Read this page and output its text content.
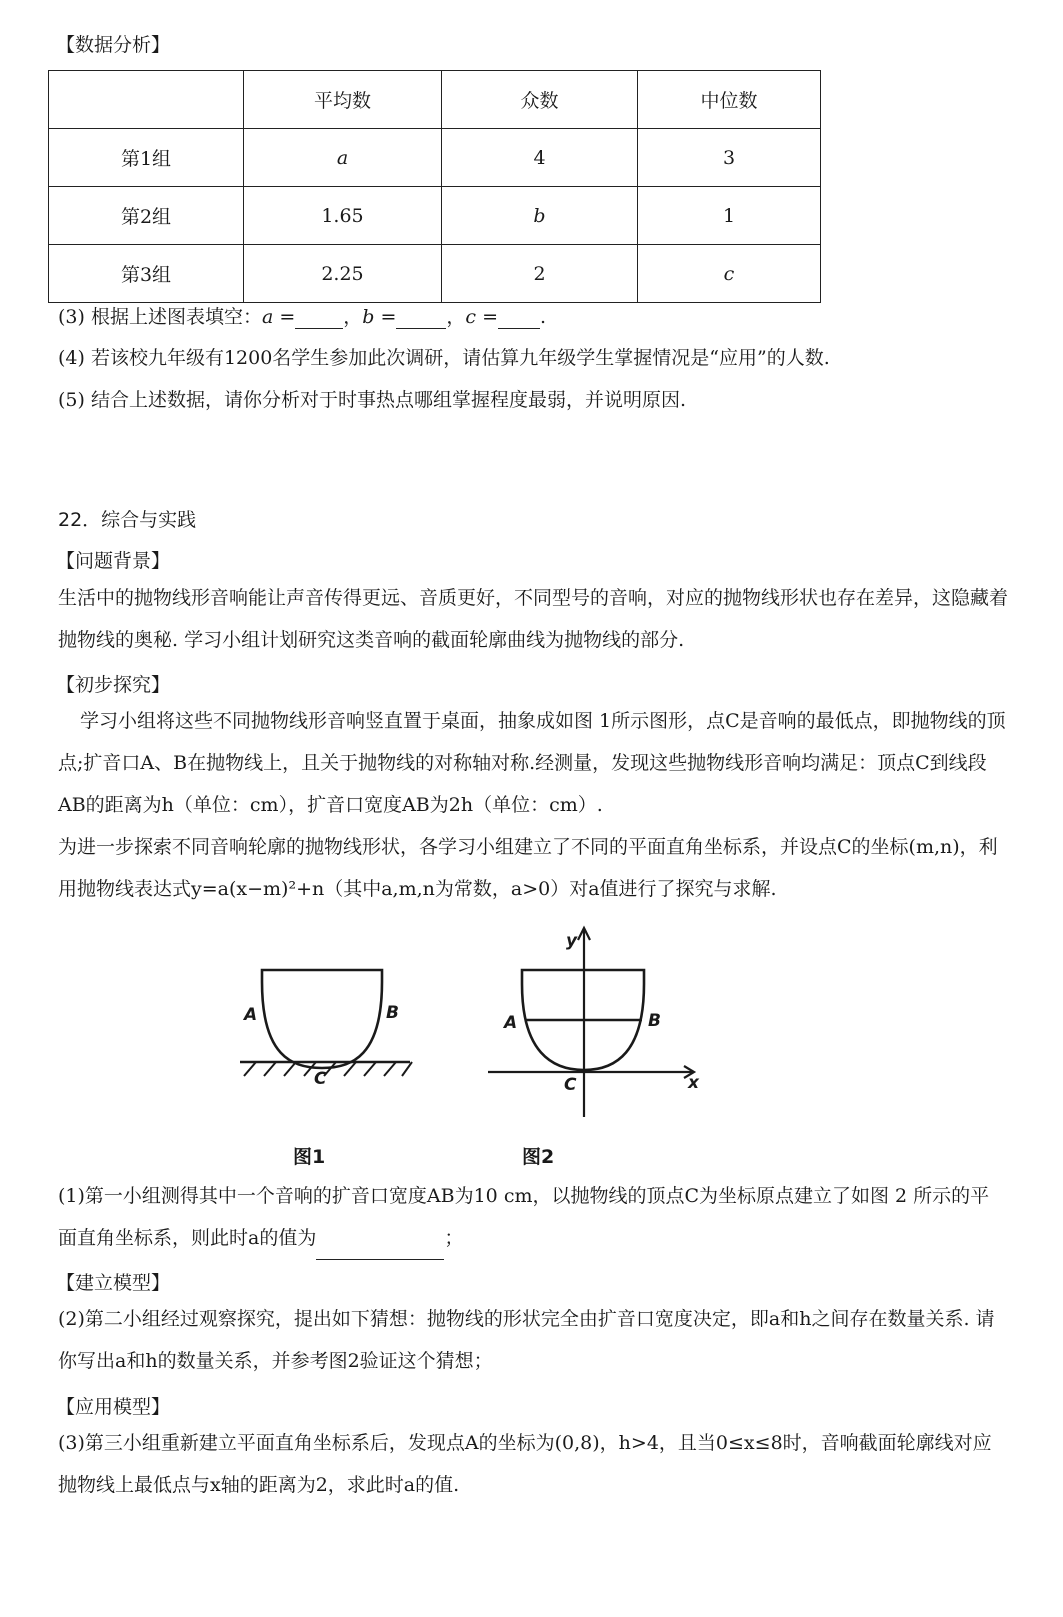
【数据分析】
	平均数	众数	中位数
第1组	a	4	3
第2组	1.65	b	1
第3组	2.25	2	c
(3) 根据上述图表填空：a =	，b =	，c = .
(4) 若该校九年级有1200名学生参加此次调研，请估算九年级学生掌握情况是“应用”的人数.
(5) 结合上述数据，请你分析对于时事热点哪组掌握程度最弱，并说明原因.
22．综合与实践
【问题背景】
生活中的抛物线形音响能让声音传得更远、音质更好，不同型号的音响，对应的抛物线形状也存在差异，这隐藏着抛物线的奥秘. 学习小组计划研究这类音响的截面轮廓曲线为抛物线的部分.
【初步探究】
学习小组将这些不同抛物线形音响竖直置于桌面，抽象成如图 1所示图形，点C是音响的最低点，即抛物线的顶点;扩音口A、B在抛物线上，且关于抛物线的对称轴对称.经测量，发现这些抛物线形音响均满足：顶点C到线段AB的距离为h（单位：cm），扩音口宽度AB为2h（单位：cm）.
为进一步探索不同音响轮廓的抛物线形状，各学习小组建立了不同的平面直角坐标系，并设点C的坐标(m,n)，利用抛物线表达式y=a(x−m)²+n（其中a,m,n为常数，a>0）对a值进行了探究与求解.
A	B
C
图1
y
x
A	B
C
图2
(1)第一小组测得其中一个音响的扩音口宽度AB为10 cm，以抛物线的顶点C为坐标原点建立了如图 2 所示的平面直角坐标系，则此时a的值为	；
【建立模型】
(2)第二小组经过观察探究，提出如下猜想：抛物线的形状完全由扩音口宽度决定，即a和h之间存在数量关系. 请你写出a和h的数量关系，并参考图2验证这个猜想；
【应用模型】
(3)第三小组重新建立平面直角坐标系后，发现点A的坐标为(0,8)，h>4，且当0≤x≤8时，音响截面轮廓线对应抛物线上最低点与x轴的距离为2，求此时a的值.
